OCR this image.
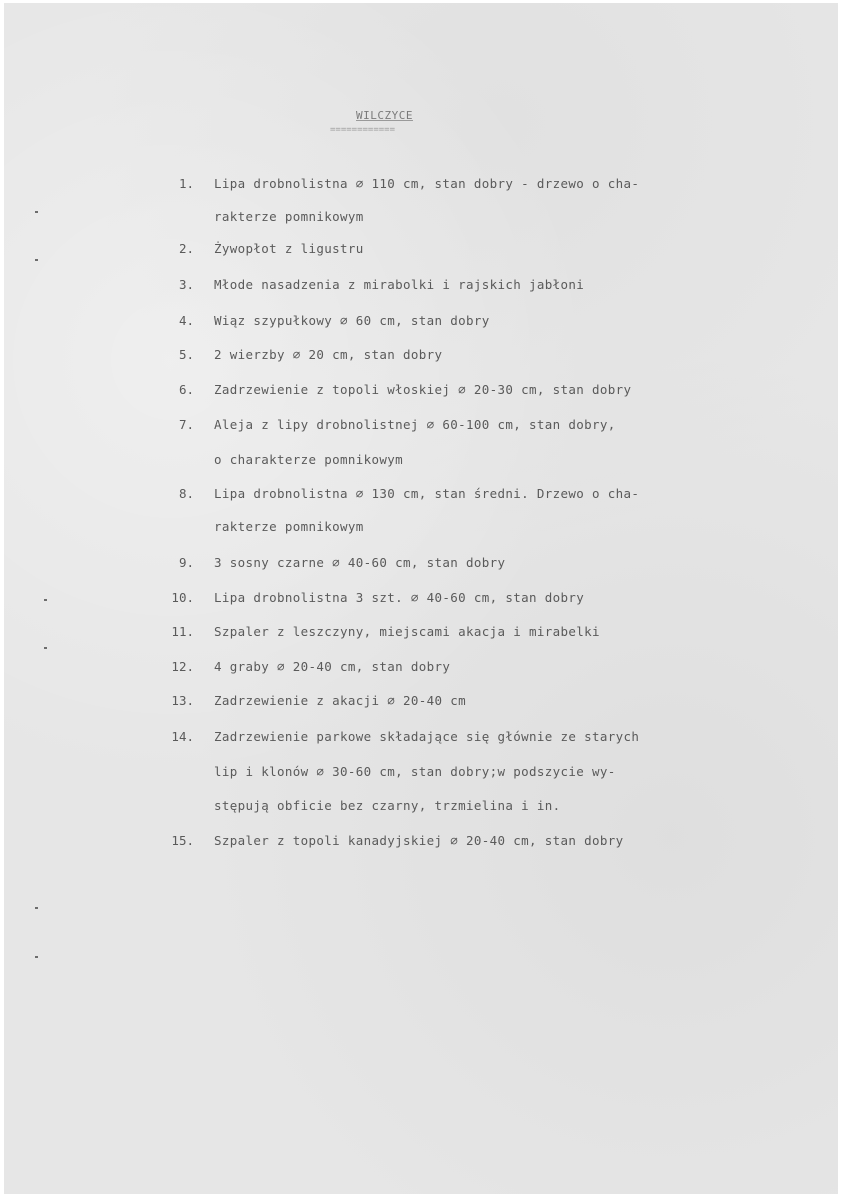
WILCZYCE
============
1. Lipa drobnolistna ∅ 110 cm, stan dobry - drzewo o cha-
rakterze pomnikowym
2. Żywopłot z ligustru
3. Młode nasadzenia z mirabolki i rajskich jabłoni
4. Wiąz szypułkowy ∅ 60 cm, stan dobry
5. 2 wierzby ∅ 20 cm, stan dobry
6. Zadrzewienie z topoli włoskiej ∅ 20-30 cm, stan dobry
7. Aleja z lipy drobnolistnej ∅ 60-100 cm, stan dobry,
o charakterze pomnikowym
8. Lipa drobnolistna ∅ 130 cm, stan średni. Drzewo o cha-
rakterze pomnikowym
9. 3 sosny czarne ∅ 40-60 cm, stan dobry
10. Lipa drobnolistna 3 szt. ∅ 40-60 cm, stan dobry
11. Szpaler z leszczyny, miejscami akacja i mirabelki
12. 4 graby ∅ 20-40 cm, stan dobry
13. Zadrzewienie z akacji ∅ 20-40 cm
14. Zadrzewienie parkowe składające się głównie ze starych
lip i klonów ∅ 30-60 cm, stan dobry;w podszycie wy-
stępują obficie bez czarny, trzmielina i in.
15. Szpaler z topoli kanadyjskiej ∅ 20-40 cm, stan dobry
